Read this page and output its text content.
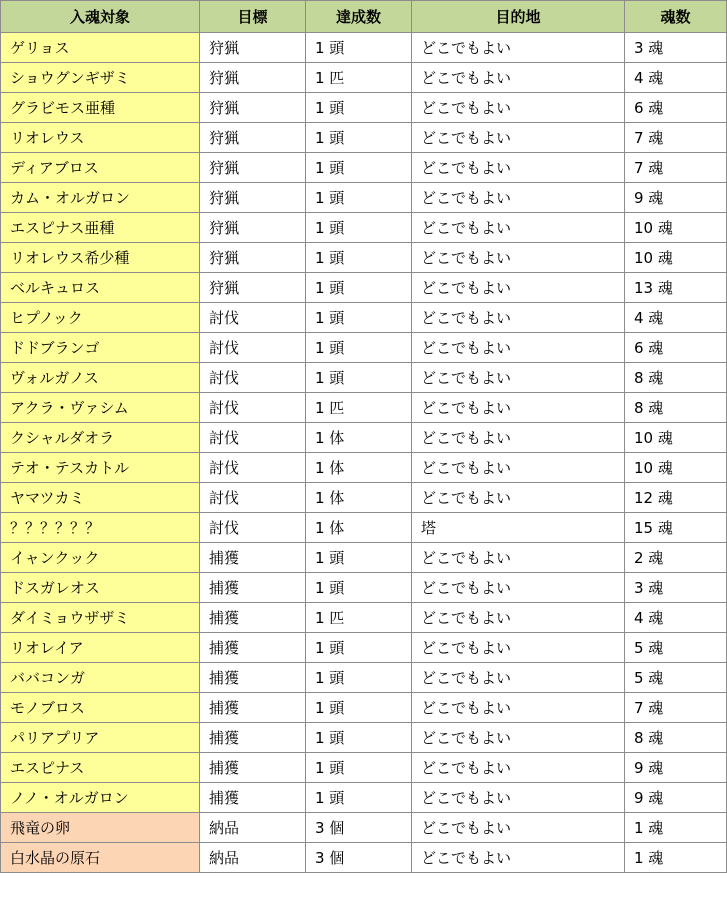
入魂対象	目標	達成数	目的地	魂数
ゲリョス	狩猟	1 頭	どこでもよい	3 魂
ショウグンギザミ	狩猟	1 匹	どこでもよい	4 魂
グラビモス亜種	狩猟	1 頭	どこでもよい	6 魂
リオレウス	狩猟	1 頭	どこでもよい	7 魂
ディアブロス	狩猟	1 頭	どこでもよい	7 魂
カム・オルガロン	狩猟	1 頭	どこでもよい	9 魂
エスピナス亜種	狩猟	1 頭	どこでもよい	10 魂
リオレウス希少種	狩猟	1 頭	どこでもよい	10 魂
ベルキュロス	狩猟	1 頭	どこでもよい	13 魂
ヒプノック	討伐	1 頭	どこでもよい	4 魂
ドドブランゴ	討伐	1 頭	どこでもよい	6 魂
ヴォルガノス	討伐	1 頭	どこでもよい	8 魂
アクラ・ヴァシム	討伐	1 匹	どこでもよい	8 魂
クシャルダオラ	討伐	1 体	どこでもよい	10 魂
テオ・テスカトル	討伐	1 体	どこでもよい	10 魂
ヤマツカミ	討伐	1 体	どこでもよい	12 魂
？？？？？？	討伐	1 体	塔	15 魂
イャンクック	捕獲	1 頭	どこでもよい	2 魂
ドスガレオス	捕獲	1 頭	どこでもよい	3 魂
ダイミョウザザミ	捕獲	1 匹	どこでもよい	4 魂
リオレイア	捕獲	1 頭	どこでもよい	5 魂
ババコンガ	捕獲	1 頭	どこでもよい	5 魂
モノブロス	捕獲	1 頭	どこでもよい	7 魂
パリアプリア	捕獲	1 頭	どこでもよい	8 魂
エスピナス	捕獲	1 頭	どこでもよい	9 魂
ノノ・オルガロン	捕獲	1 頭	どこでもよい	9 魂
飛竜の卵	納品	3 個	どこでもよい	1 魂
白水晶の原石	納品	3 個	どこでもよい	1 魂
